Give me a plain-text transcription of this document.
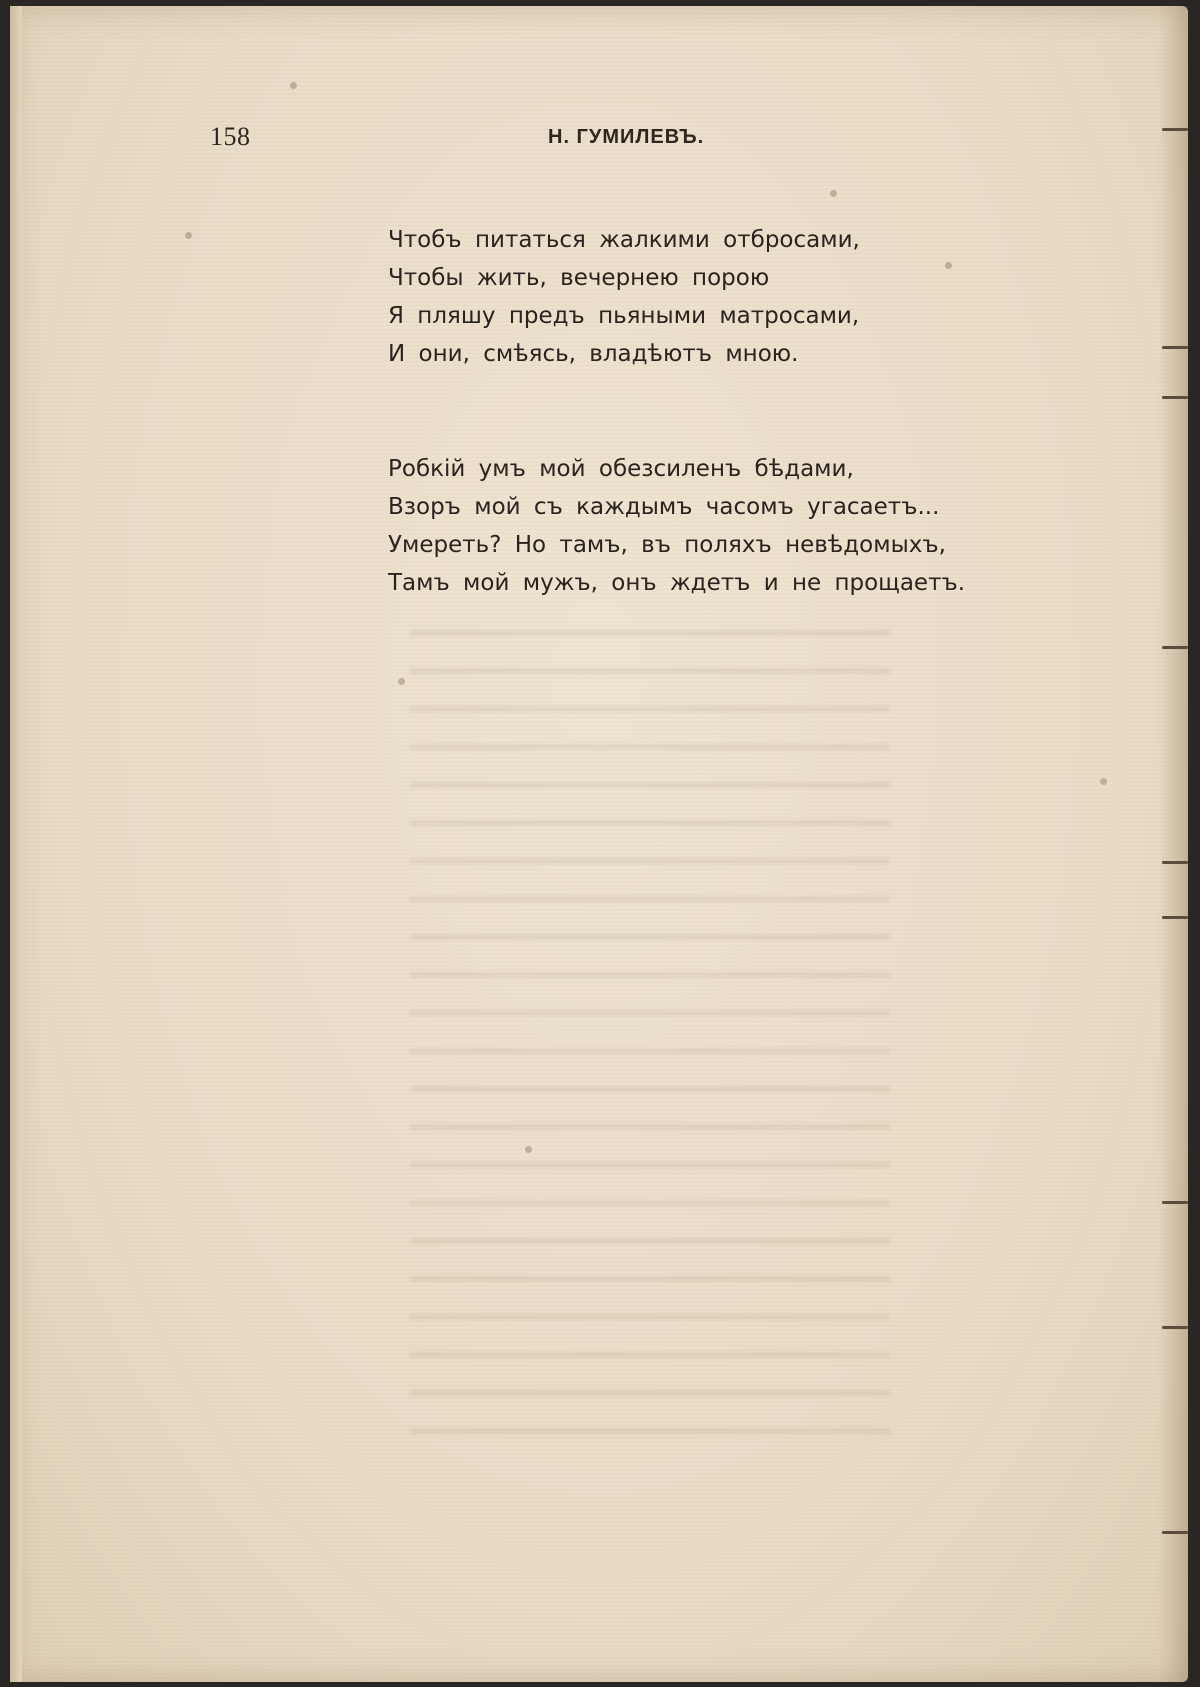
158	Н. ГУМИЛЕВЪ.
Чтобъ питаться жалкими отбросами,
Чтобы жить, вечернею порою
Я пляшу предъ пьяными матросами,
И они, смѣясь, владѣютъ мною.
Робкій умъ мой обезсиленъ бѣдами,
Взоръ мой съ каждымъ часомъ угасаетъ...
Умереть? Но тамъ, въ поляхъ невѣдомыхъ,
Тамъ мой мужъ, онъ ждетъ и не прощаетъ.
